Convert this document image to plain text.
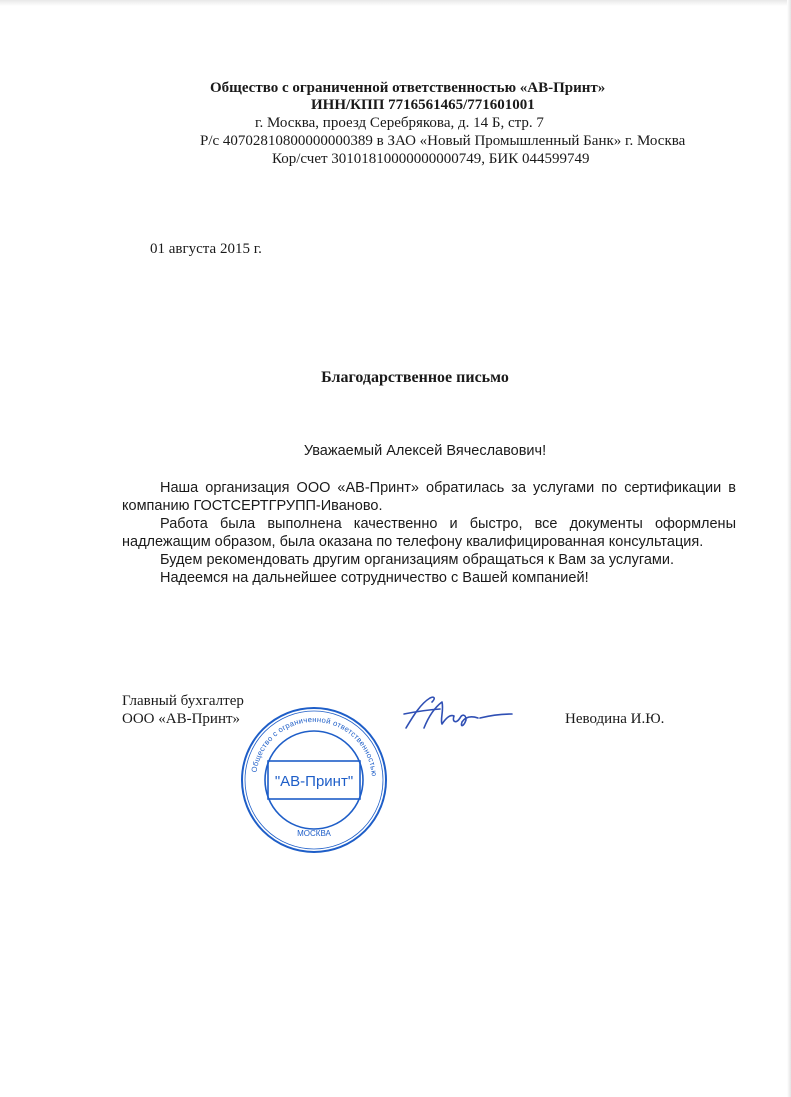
Общество с ограниченной ответственностью «АВ-Принт»
ИНН/КПП 7716561465/771601001
г. Москва, проезд Серебрякова, д. 14 Б, стр. 7
Р/с 40702810800000000389 в ЗАО «Новый Промышленный Банк» г. Москва
Кор/счет 30101810000000000749, БИК 044599749
01 августа 2015 г.
Благодарственное письмо
Уважаемый Алексей Вячеславович!
Наша организация ООО «АВ-Принт» обратилась за услугами по сертификации в компанию ГОСТСЕРТГРУПП-Иваново.
Работа была выполнена качественно и быстро, все документы оформлены надлежащим образом, была оказана по телефону квалифицированная консультация.
Будем рекомендовать другим организациям обращаться к Вам за услугами.
Надеемся на дальнейшее сотрудничество с Вашей компанией!
Главный бухгалтер
ООО «АВ-Принт»	Неводина И.Ю.
Общество с ограниченной ответственностью
"АВ-Принт"
МОСКВА
